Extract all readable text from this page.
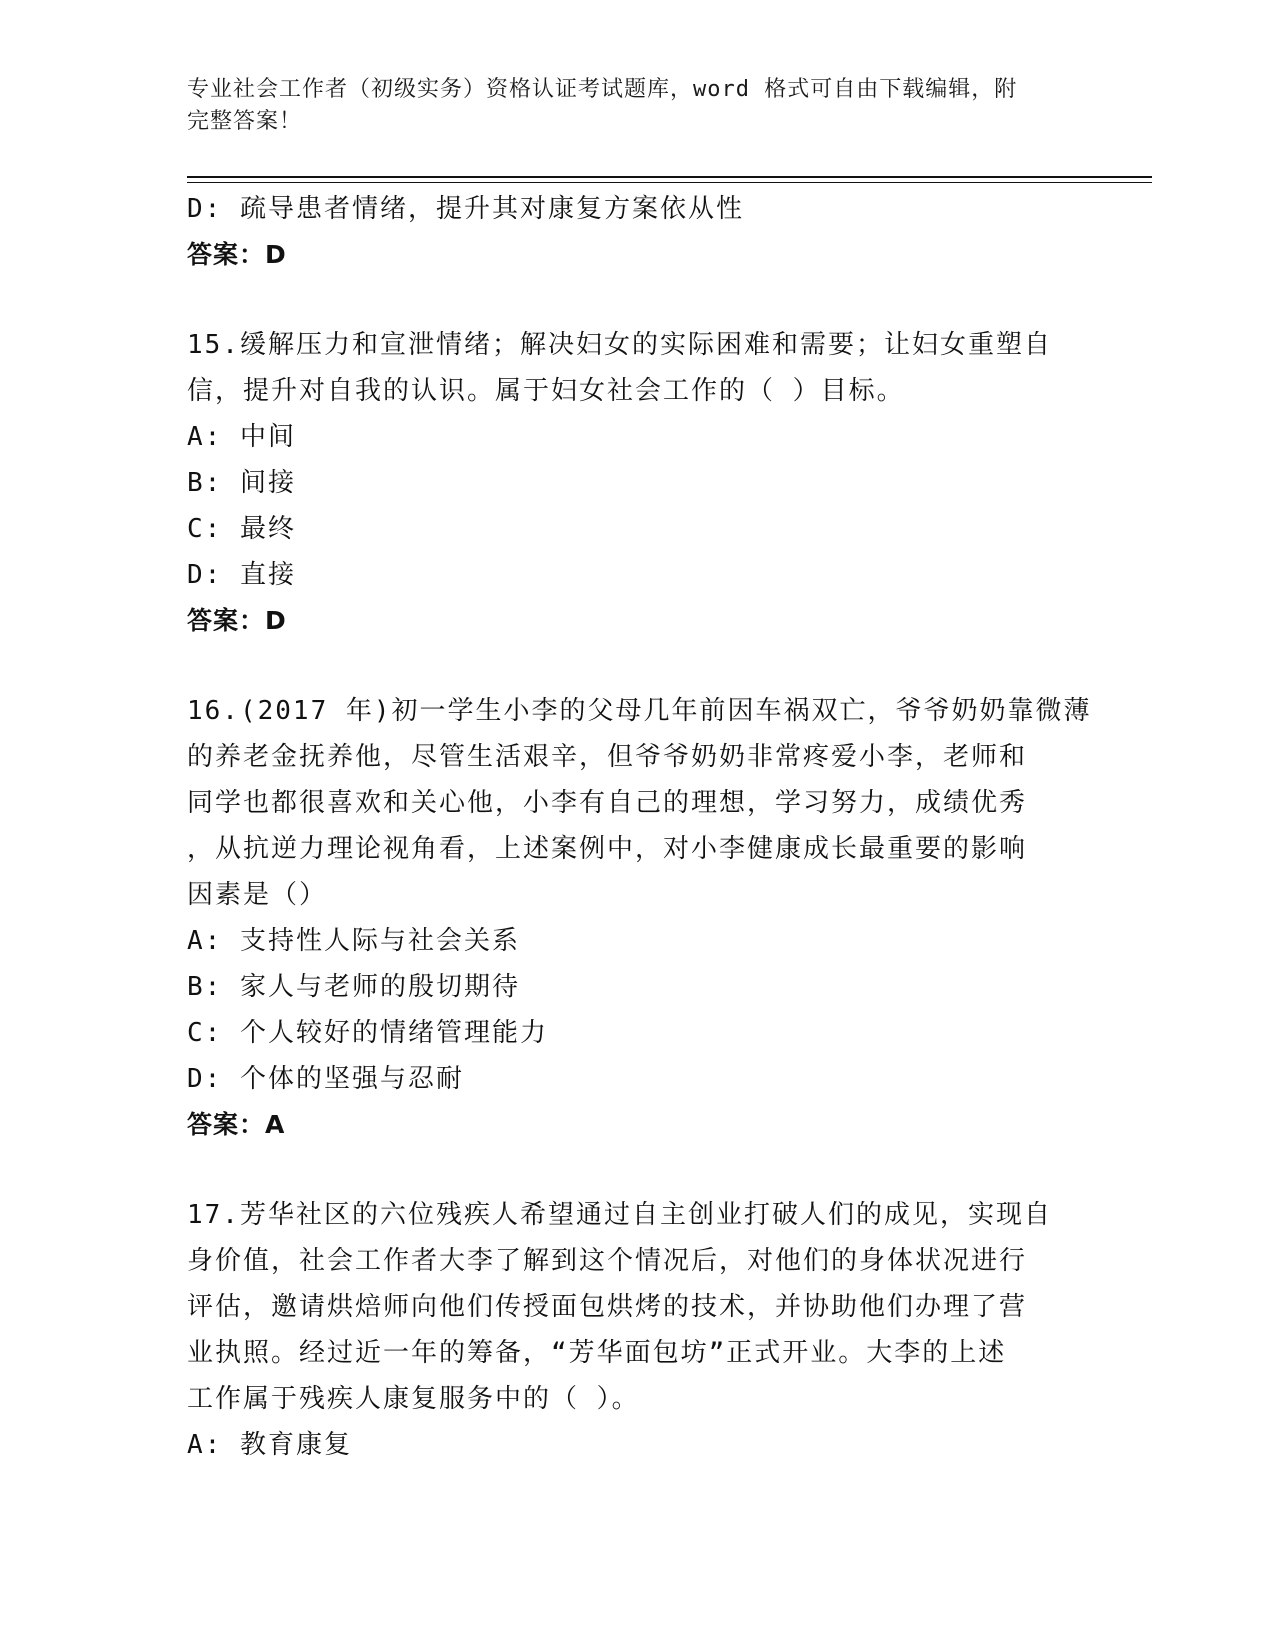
专业社会工作者（初级实务）资格认证考试题库，word 格式可自由下载编辑，附
完整答案！
D: 疏导患者情绪，提升其对康复方案依从性
答案：D
15.缓解压力和宣泄情绪；解决妇女的实际困难和需要；让妇女重塑自
信，提升对自我的认识。属于妇女社会工作的（ ）目标。
A: 中间
B: 间接
C: 最终
D: 直接
答案：D
16.(2017 年)初一学生小李的父母几年前因车祸双亡，爷爷奶奶靠微薄
的养老金抚养他，尽管生活艰辛，但爷爷奶奶非常疼爱小李，老师和
同学也都很喜欢和关心他，小李有自己的理想，学习努力，成绩优秀
，从抗逆力理论视角看，上述案例中，对小李健康成长最重要的影响
因素是（）
A: 支持性人际与社会关系
B: 家人与老师的殷切期待
C: 个人较好的情绪管理能力
D: 个体的坚强与忍耐
答案：A
17.芳华社区的六位残疾人希望通过自主创业打破人们的成见，实现自
身价值，社会工作者大李了解到这个情况后，对他们的身体状况进行
评估，邀请烘焙师向他们传授面包烘烤的技术，并协助他们办理了营
业执照。经过近一年的筹备，“芳华面包坊”正式开业。大李的上述
工作属于残疾人康复服务中的（ ）。
A: 教育康复
